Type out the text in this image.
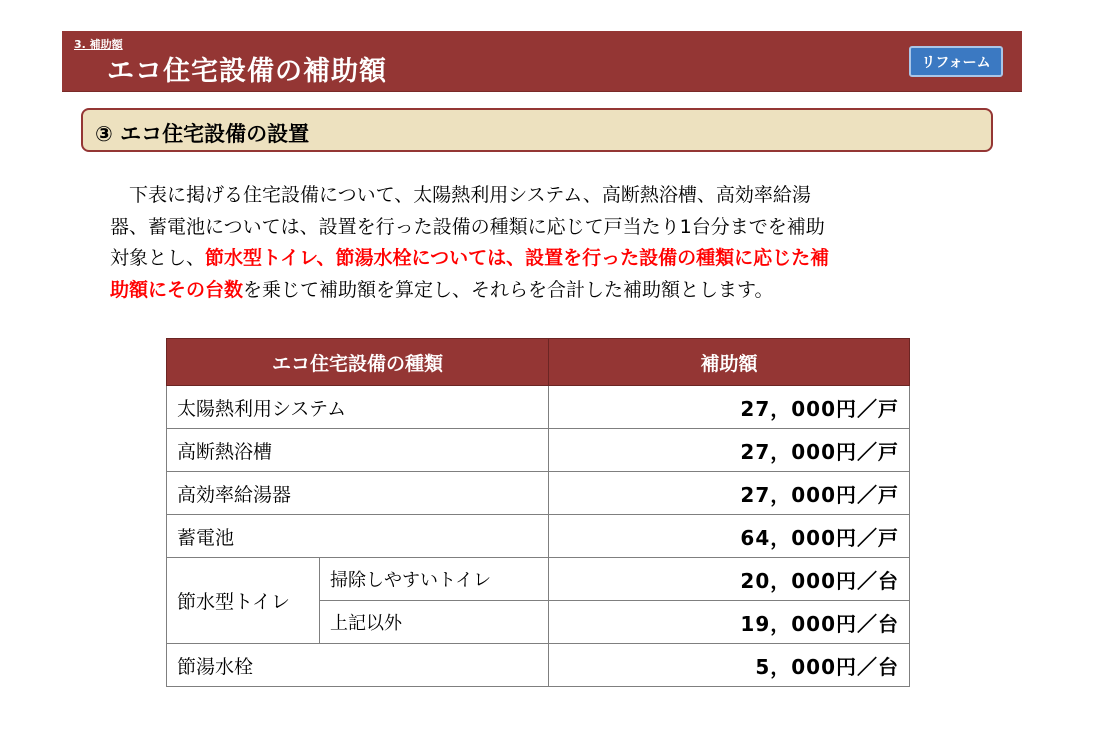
3. 補助額
エコ住宅設備の補助額	リフォーム
③ エコ住宅設備の設置
　下表に掲げる住宅設備について、太陽熱利用システム、高断熱浴槽、高効率給湯
器、蓄電池については、設置を行った設備の種類に応じて戸当たり1台分までを補助
対象とし、節水型トイレ、節湯水栓については、設置を行った設備の種類に応じた補
助額にその台数を乗じて補助額を算定し、それらを合計した補助額とします。
エコ住宅設備の種類		補助額
太陽熱利用システム		27，000円／戸
高断熱浴槽		27，000円／戸
高効率給湯器		27，000円／戸
蓄電池		64，000円／戸
節水型トイレ	掃除しやすいトイレ	20，000円／台
	上記以外	19，000円／台
節湯水栓		5，000円／台
